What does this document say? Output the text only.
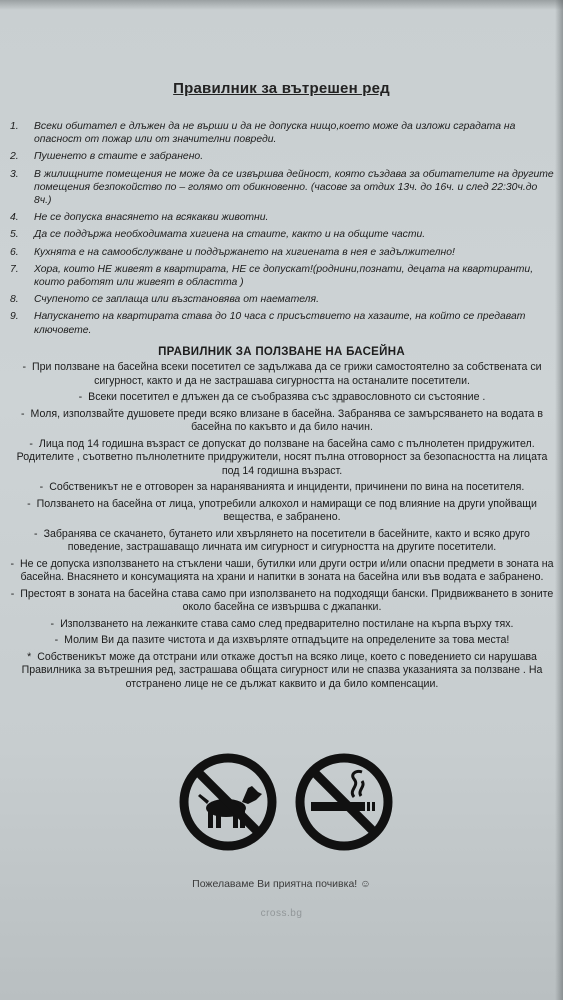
Правилник за вътрешен ред
1.	Всеки обитател е длъжен да не върши и да не допуска нищо,което може да изложи сградата на опасност от пожар или от значителни повреди.
2.	Пушенето в стаите е забранено.
3.	В жилищните помещения не може да се извършва дейност, която създава за обитателите на другите помещения безпокойство по – голямо от обикновенно. (часове за отдих 13ч. до 16ч. и след 22:30ч.до 8ч.)
4.	Не се допуска внасянето на всякакви животни.
5.	Да се поддържа необходимата хигиена на стаите, както и на общите части.
6.	Кухнята е на самообслужване и поддържането на хигиената в нея е задължително!
7.	Хора, които НЕ живеят в квартирата, НЕ се допускат!(роднини,познати, децата на квартиранти, които работят или живеят в областта )
8.	Счупеното се заплаща или възстановява от наемателя.
9.	Напускането на квартирата става до 10 часа с присъствието на хазаите, на който се предават ключовете.
ПРАВИЛНИК ЗА ПОЛЗВАНЕ НА БАСЕЙНА
- При ползване на басейна всеки посетител се задължава да се грижи самостоятелно за собствената си сигурност, както и да не застрашава сигурността на останалите посетители.
- Всеки посетител е длъжен да се съобразява със здравословното си състояние .
- Моля, използвайте душовете преди всяко влизане в басейна. Забранява се замърсяването на водата в басейна по какъвто и да било начин.
- Лица под 14 годишна възраст се допускат до ползване на басейна само с пълнолетен придружител. Родителите , съответно пълнолетните придружители, носят пълна отговорност за безопасността на лицата под 14 годишна възраст.
- Собственикът не е отговорен за нараняванията и инциденти, причинени по вина на посетителя.
- Ползването на басейна от лица, употребили алкохол и намиращи се под влияние на други упойващи вещества, е забранено.
- Забранява се скачането, бутането или хвърлянето на посетители в басейните, както и всяко друго поведение, застрашаващо личната им сигурност и сигурността на другите посетители.
- Не се допуска използването на стъклени чаши, бутилки или други остри и/или опасни предмети в зоната на басейна. Внасянето и консумацията на храни и напитки в зоната на басейна или във водата е забранено.
- Престоят в зоната на басейна става само при използването на подходящи бански. Придвижването в зоните около басейна се извършва с джапанки.
- Използването на лежанките става само след предварително постилане на кърпа върху тях.
- Молим Ви да пазите чистота и да изхвърляте отпадъците на определените за това места!
* Собственикът може да отстрани или откаже достъп на всяко лице, което с поведението си нарушава Правилника за вътрешния ред, застрашава общата сигурност или не спазва указанията за ползване . На отстранено лице не се дължат каквито и да било компенсации.
Пожелаваме Ви приятна почивка! ☺
cross.bg
